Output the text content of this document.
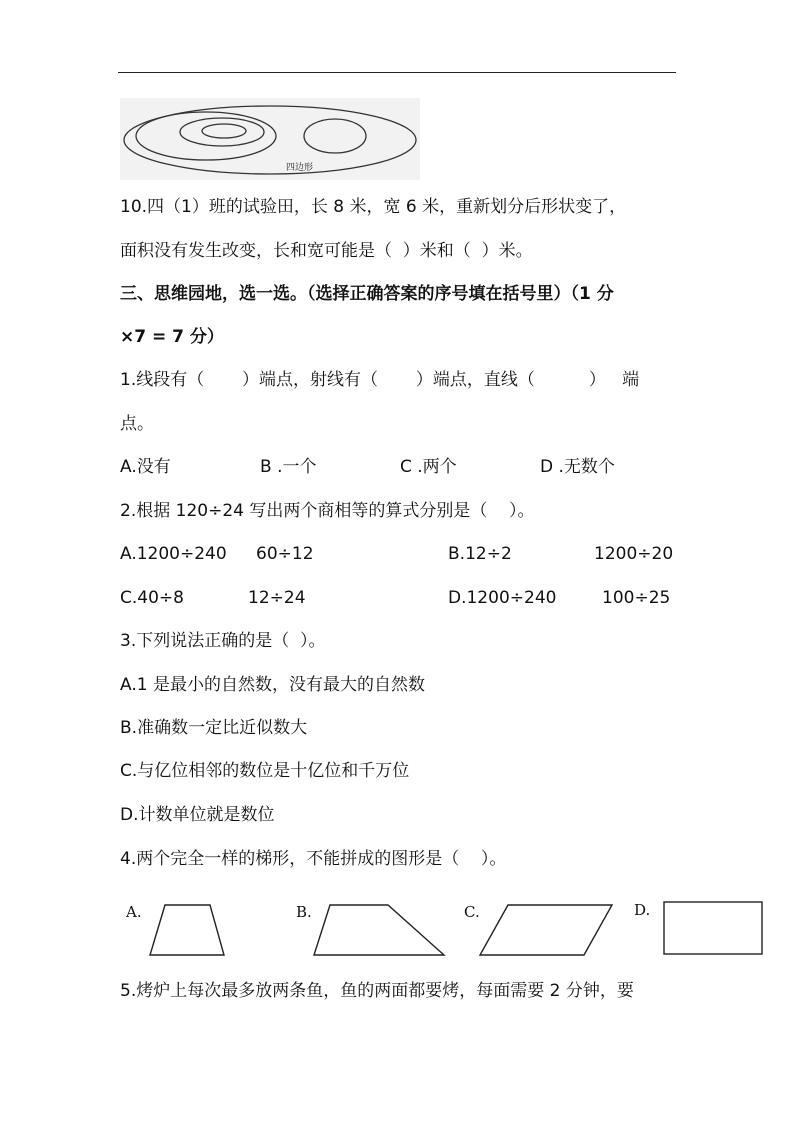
四边形
10.四（1）班的试验田，长 8 米，宽 6 米，重新划分后形状变了，
面积没有发生改变，长和宽可能是（  ）米和（  ）米。
三、思维园地，选一选。（选择正确答案的序号填在括号里）（1 分
×7 = 7 分）
1.线段有（       ）端点，射线有（       ）端点，直线（          ）   端
点。
A.没有	B .一个	C .两个	D .无数个
2.根据 120÷24 写出两个商相等的算式分别是（    ）。
A.1200÷240 60÷12	B.12÷2	1200÷20
C.40÷8	12÷24	D.1200÷240	100÷25
3.下列说法正确的是（  ）。
A.1 是最小的自然数，没有最大的自然数
B.准确数一定比近似数大
C.与亿位相邻的数位是十亿位和千万位
D.计数单位就是数位
4.两个完全一样的梯形，不能拼成的图形是（    ）。
A.	B.	C.	D.
5.烤炉上每次最多放两条鱼，鱼的两面都要烤，每面需要 2 分钟，要
